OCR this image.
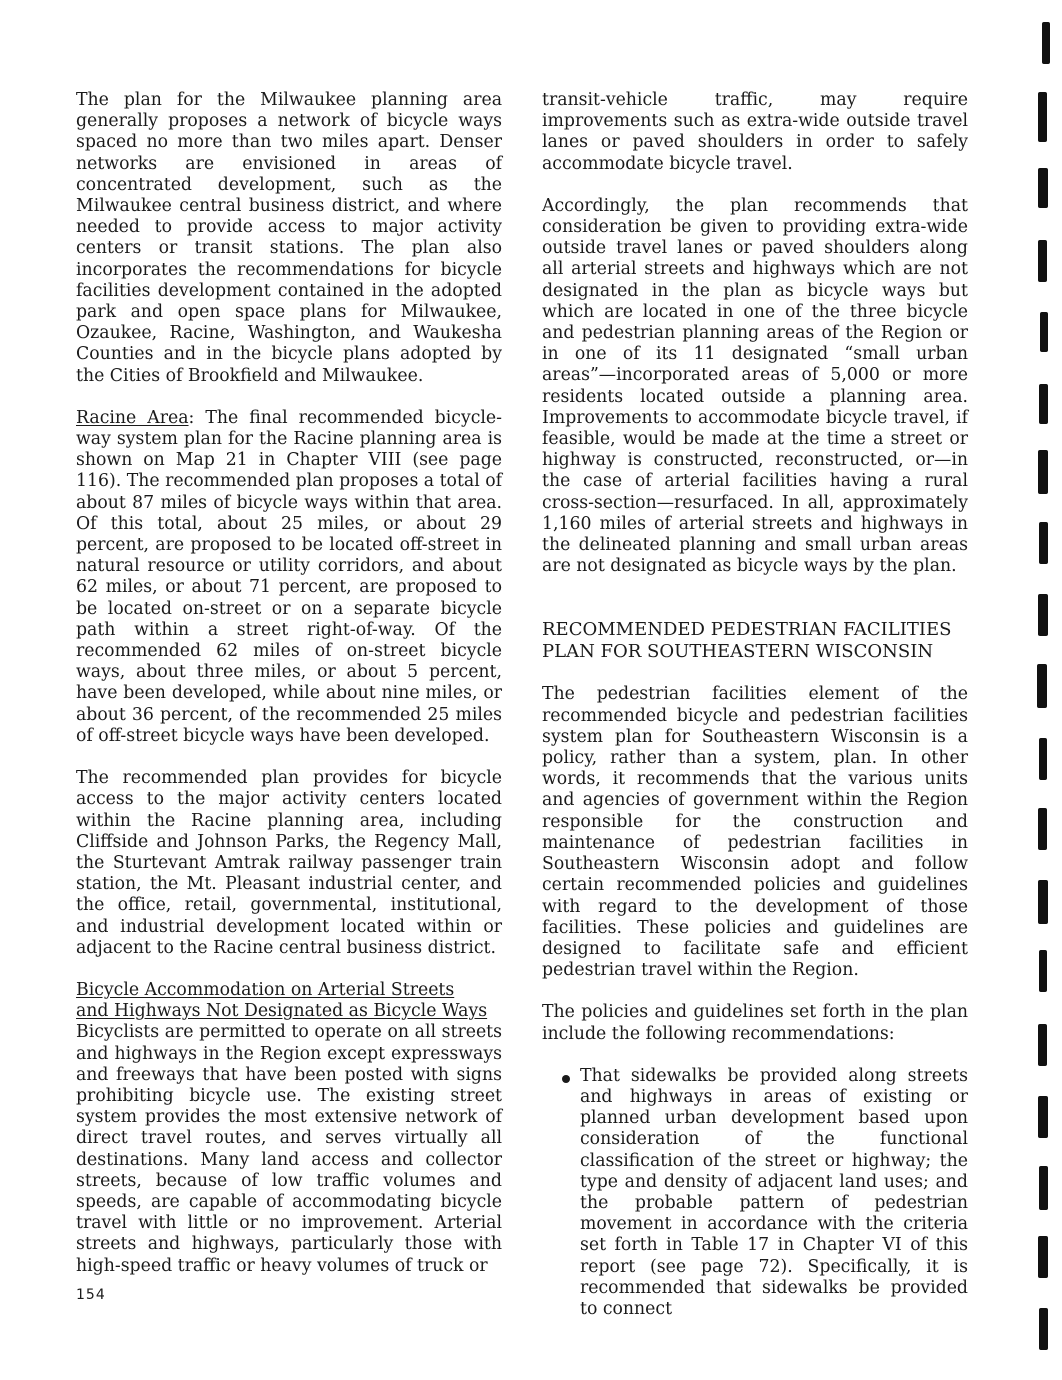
The plan for the Milwaukee planning area generally proposes a network of bicycle ways spaced no more than two miles apart. Denser networks are envisioned in areas of concentrated development, such as the Milwaukee central business district, and where needed to provide access to major activity centers or transit stations. The plan also incorporates the recommendations for bicycle facilities development contained in the adopted park and open space plans for Milwaukee, Ozaukee, Racine, Washington, and Waukesha Counties and in the bicycle plans adopted by the Cities of Brookfield and Milwaukee.

Racine Area: The final recommended bicycle-way system plan for the Racine planning area is shown on Map 21 in Chapter VIII (see page 116). The recommended plan proposes a total of about 87 miles of bicycle ways within that area. Of this total, about 25 miles, or about 29 percent, are proposed to be located off-street in natural resource or utility corridors, and about 62 miles, or about 71 percent, are proposed to be located on-street or on a separate bicycle path within a street right-of-way. Of the recommended 62 miles of on-street bicycle ways, about three miles, or about 5 percent, have been developed, while about nine miles, or about 36 percent, of the recommended 25 miles of off-street bicycle ways have been developed.

The recommended plan provides for bicycle access to the major activity centers located within the Racine planning area, including Cliffside and Johnson Parks, the Regency Mall, the Sturtevant Amtrak railway passenger train station, the Mt. Pleasant industrial center, and the office, retail, governmental, institutional, and industrial development located within or adjacent to the Racine central business district.

Bicycle Accommodation on Arterial Streets
and Highways Not Designated as Bicycle Ways

Bicyclists are permitted to operate on all streets and highways in the Region except expressways and freeways that have been posted with signs prohibiting bicycle use. The existing street system provides the most extensive network of direct travel routes, and serves virtually all destinations. Many land access and collector streets, because of low traffic volumes and speeds, are capable of accommodating bicycle travel with little or no improvement. Arterial streets and highways, particularly those with high-speed traffic or heavy volumes of truck or

transit-vehicle traffic, may require improvements such as extra-wide outside travel lanes or paved shoulders in order to safely accommodate bicycle travel.

Accordingly, the plan recommends that consideration be given to providing extra-wide outside travel lanes or paved shoulders along all arterial streets and highways which are not designated in the plan as bicycle ways but which are located in one of the three bicycle and pedestrian planning areas of the Region or in one of its 11 designated “small urban areas”—incorporated areas of 5,000 or more residents located outside a planning area. Improvements to accommodate bicycle travel, if feasible, would be made at the time a street or highway is constructed, reconstructed, or—in the case of arterial facilities having a rural cross-section—resurfaced. In all, approximately 1,160 miles of arterial streets and highways in the delineated planning and small urban areas are not designated as bicycle ways by the plan.

RECOMMENDED PEDESTRIAN FACILITIES
PLAN FOR SOUTHEASTERN WISCONSIN

The pedestrian facilities element of the recommended bicycle and pedestrian facilities system plan for Southeastern Wisconsin is a policy, rather than a system, plan. In other words, it recommends that the various units and agencies of government within the Region responsible for the construction and maintenance of pedestrian facilities in Southeastern Wisconsin adopt and follow certain recommended policies and guidelines with regard to the development of those facilities. These policies and guidelines are designed to facilitate safe and efficient pedestrian travel within the Region.

The policies and guidelines set forth in the plan include the following recommendations:

That sidewalks be provided along streets and highways in areas of existing or planned urban development based upon consideration of the functional classification of the street or highway; the type and density of adjacent land uses; and the probable pattern of pedestrian movement in accordance with the criteria set forth in Table 17 in Chapter VI of this report (see page 72). Specifically, it is recommended that sidewalks be provided to connect

154
